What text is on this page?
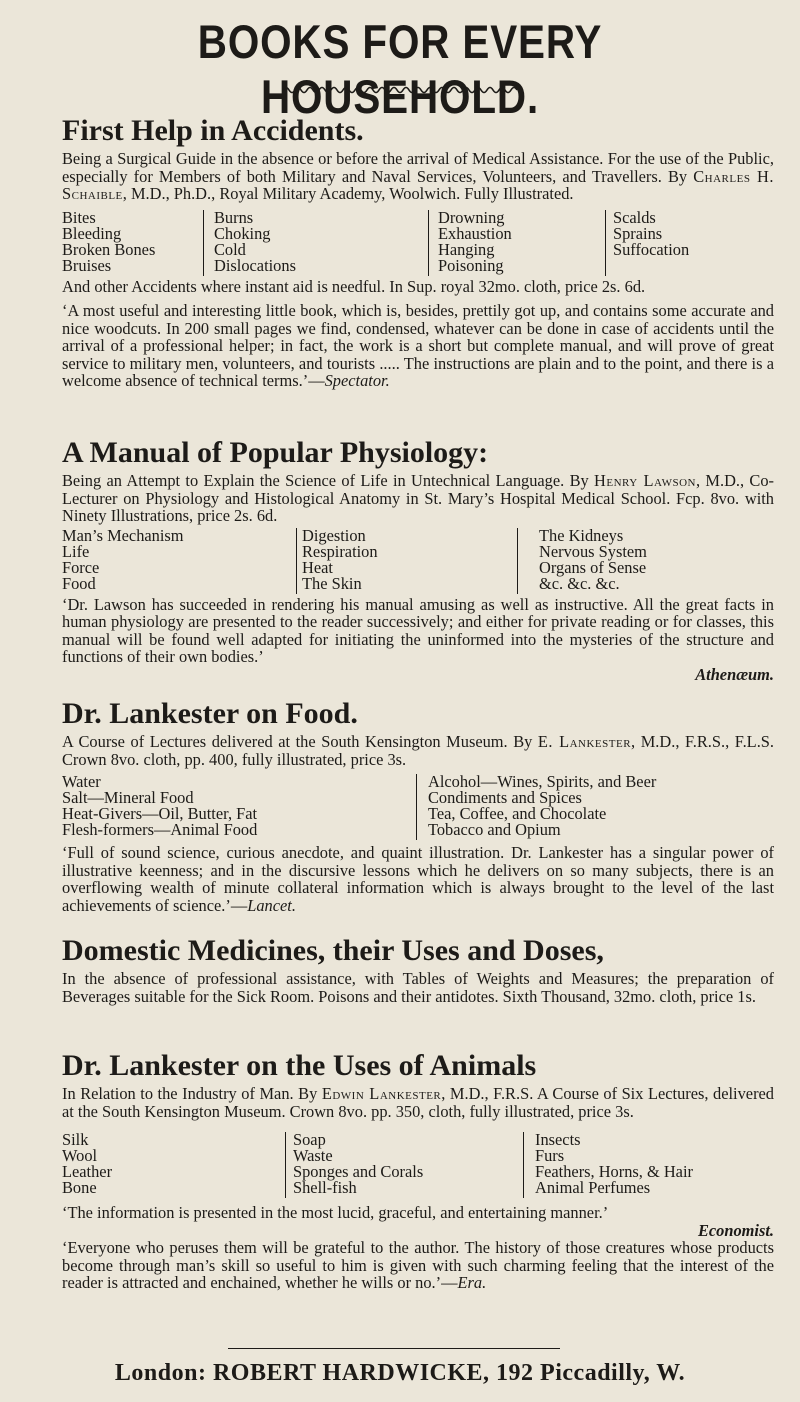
BOOKS FOR EVERY HOUSEHOLD.
First Help in Accidents.

Being a Surgical Guide in the absence or before the arrival of Medical Assistance. For the use of the Public, especially for Members of both Military and Naval Services, Volunteers, and Travellers. By Charles H. Schaible, M.D., Ph.D., Royal Military Academy, Woolwich. Fully Illustrated.

Bites
Bleeding
Broken Bones
Bruises
Burns
Choking
Cold
Dislocations
Drowning
Exhaustion
Hanging
Poisoning
Scalds
Sprains
Suffocation

And other Accidents where instant aid is needful. In Sup. royal 32mo. cloth, price 2s. 6d.

‘A most useful and interesting little book, which is, besides, prettily got up, and contains some accurate and nice woodcuts. In 200 small pages we find, condensed, whatever can be done in case of accidents until the arrival of a professional helper; in fact, the work is a short but complete manual, and will prove of great service to military men, volunteers, and tourists ..... The instructions are plain and to the point, and there is a welcome absence of technical terms.’—Spectator.

A Manual of Popular Physiology:

Being an Attempt to Explain the Science of Life in Untechnical Language. By Henry Lawson, M.D., Co-Lecturer on Physiology and Histological Anatomy in St. Mary’s Hospital Medical School. Fcp. 8vo. with Ninety Illustrations, price 2s. 6d.

Man’s Mechanism
Life
Force
Food
Digestion
Respiration
Heat
The Skin
The Kidneys
Nervous System
Organs of Sense
&c. &c. &c.

‘Dr. Lawson has succeeded in rendering his manual amusing as well as instructive. All the great facts in human physiology are presented to the reader successively; and either for private reading or for classes, this manual will be found well adapted for initiating the uninformed into the mysteries of the structure and functions of their own bodies.’

Athenæum.
Dr. Lankester on Food.

A Course of Lectures delivered at the South Kensington Museum. By E. Lankester, M.D., F.R.S., F.L.S. Crown 8vo. cloth, pp. 400, fully illustrated, price 3s.

Water
Salt—Mineral Food
Heat-Givers—Oil, Butter, Fat
Flesh-formers—Animal Food
Alcohol—Wines, Spirits, and Beer
Condiments and Spices
Tea, Coffee, and Chocolate
Tobacco and Opium

‘Full of sound science, curious anecdote, and quaint illustration. Dr. Lankester has a singular power of illustrative keenness; and in the discursive lessons which he delivers on so many subjects, there is an overflowing wealth of minute collateral information which is always brought to the level of the last achievements of science.’—Lancet.

Domestic Medicines, their Uses and Doses,

In the absence of professional assistance, with Tables of Weights and Measures; the preparation of Beverages suitable for the Sick Room. Poisons and their antidotes. Sixth Thousand, 32mo. cloth, price 1s.

Dr. Lankester on the Uses of Animals

In Relation to the Industry of Man. By Edwin Lankester, M.D., F.R.S. A Course of Six Lectures, delivered at the South Kensington Museum. Crown 8vo. pp. 350, cloth, fully illustrated, price 3s.

Silk
Wool
Leather
Bone
Soap
Waste
Sponges and Corals
Shell-fish
Insects
Furs
Feathers, Horns, & Hair
Animal Perfumes

‘The information is presented in the most lucid, graceful, and entertaining manner.’

Economist.

‘Everyone who peruses them will be grateful to the author. The history of those creatures whose products become through man’s skill so useful to him is given with such charming feeling that the interest of the reader is attracted and enchained, whether he wills or no.’—Era.

London: ROBERT HARDWICKE, 192 Piccadilly, W.
